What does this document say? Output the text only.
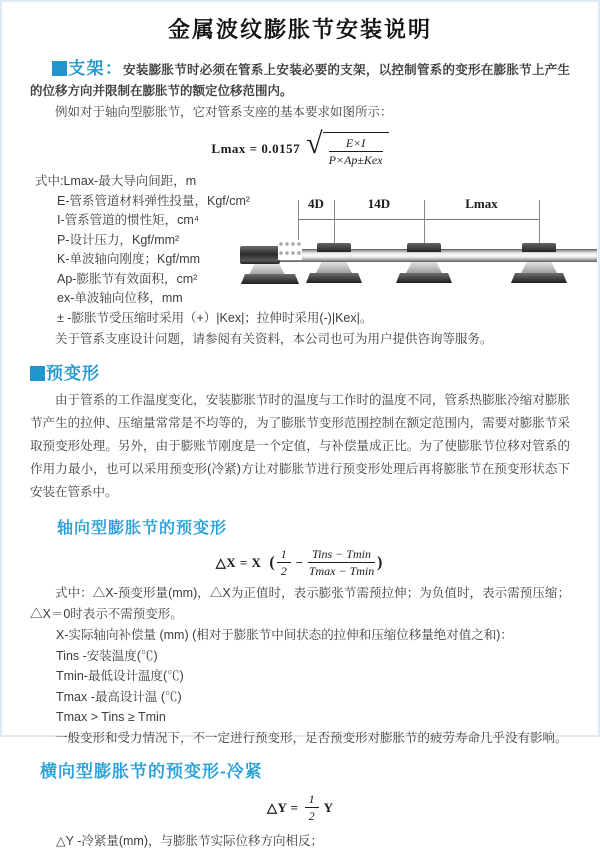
金属波纹膨胀节安装说明

支架：安装膨胀节时必须在管系上安装必要的支架，以控制管系的变形在膨胀节上产生的位移方向并限制在膨胀节的额定位移范围内。

例如对于轴向型膨胀节，它对管系支座的基本要求如图所示：

Lmax = 0.0157 √ $\frac{E\times I}{\text{P×Ap±Kex}}$
式中:Lmax-最大导向间距，m
E-管系管道材料弹性投量，Kgf/cm²
I-管系管道的惯性矩，cm⁴
P-设计压力，Kgf/mm²
K-单波轴向刚度；Kgf/mm
Ap-膨胀节有效面积，cm²
ex-单波轴向位移，mm
± -膨胀节受压缩时采用（+）|Kex|；拉伸时采用(-)|Kex|。

关于管系支座设计问题，请参阅有关资料，本公司也可为用户提供咨询等服务。

预变形

由于管系的工作温度变化，安装膨胀节时的温度与工作时的温度不同，管系热膨胀冷缩对膨胀节产生的拉伸、压缩量常常是不均等的，为了膨胀节变形范围控制在额定范围内，需要对膨胀节采取预变形处理。另外，由于膨账节刚度是一个定值，与补偿量成正比。为了使膨胀节位移对管系的作用力最小，也可以采用预变形(冷紧)方让对膨胀节进行预变形处理后再将膨胀节在预变形状态下安装在管系中。

轴向型膨胀节的预变形

△X = X ( $\frac{1}{2} - \frac{\text{Tins − Tmin}}{Tmax - Tmin}$ )

式中：△X-预变形量(mm)，△X为正值时，表示膨张节需预拉伸；为负值时，表示需预压缩；△X＝0时表示不需预变形。

X-实际轴向补偿量 (mm) (相对于膨胀节中间状态的拉伸和压缩位移量绝对值之和)：
Tins -安装温度(℃)
Tmin-最低设计温度(℃)
Tmax -最高设计温 (℃)
Tmax > Tins ≥ Tmin

一般变形和受力情况下，不一定进行预变形，足否预变形对膨胀节的疲劳寿命几乎没有影响。

横向型膨胀节的预变形-冷紧

△Y = $\frac{1}{2}$ Y

△Y -冷紧量(mm)，与膨胀节实际位移方向相反；

4D	14D	Lmax
